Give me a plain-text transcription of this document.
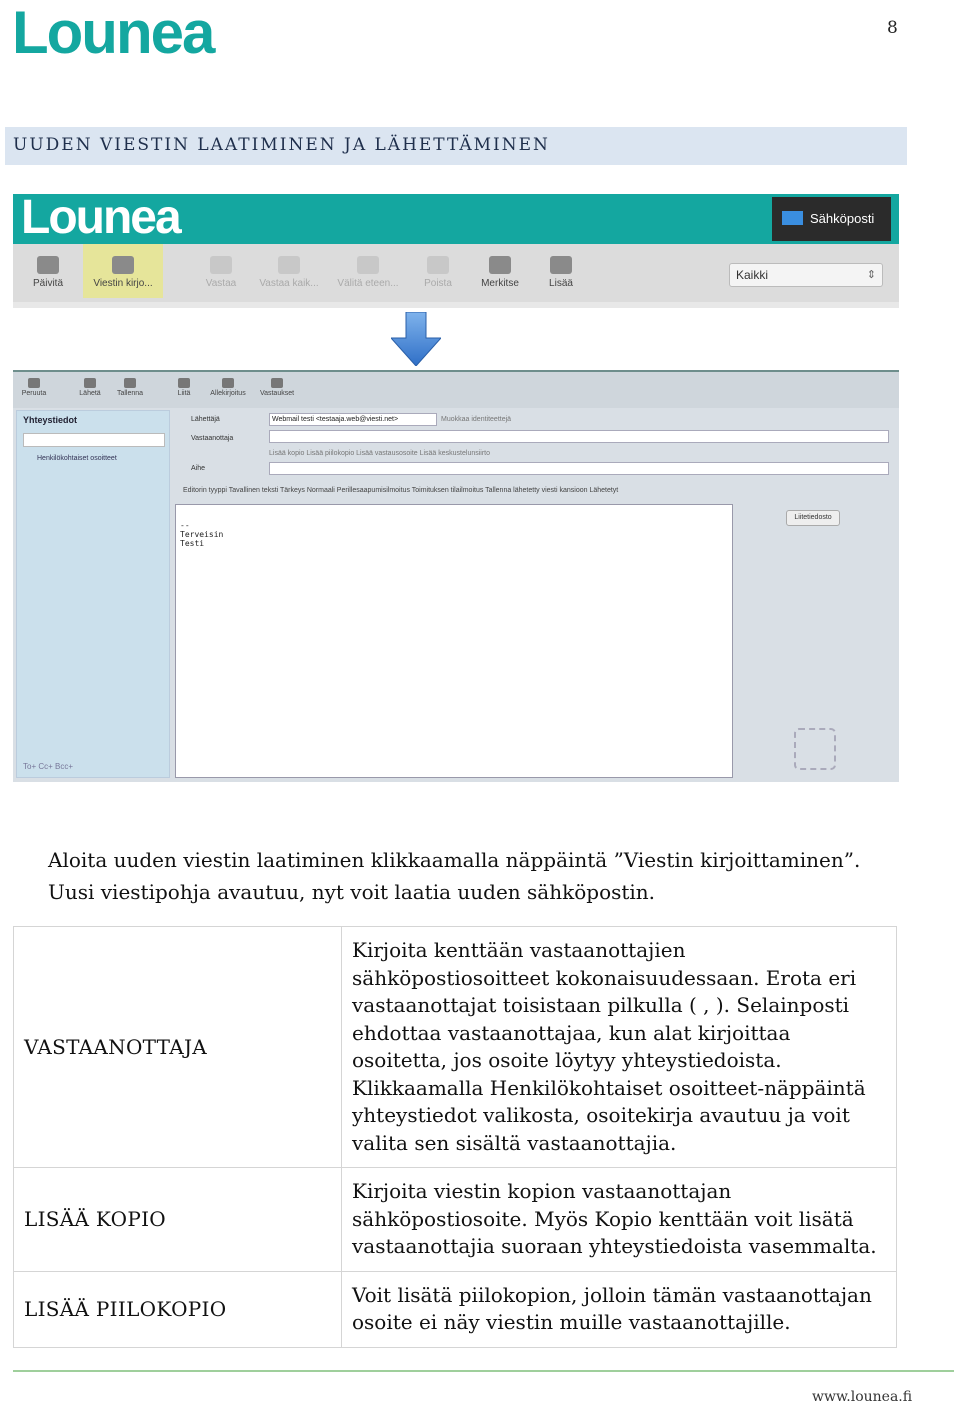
Lounea	8
UUDEN VIESTIN LAATIMINEN JA LÄHETTÄMINEN
Lounea	Sähköposti
Päivitä	Viestin kirjo...	Vastaa	Vastaa kaik...	Välitä eteen...	Poista	Merkitse	Lisää
Kaikki	⇕
Peruuta	Lähetä	Tallenna	Liitä	Allekirjoitus	Vastaukset
Yhteystiedot
Henkilökohtaiset osoitteet
To+ Cc+ Bcc+
Lähettäjä	Webmail testi <testaaja.web@viesti.net>	Muokkaa identiteettejä
Vastaanottaja
Lisää kopio Lisää piilokopio Lisää vastausosoite Lisää keskustelunsiirto
Aihe
Editorin tyyppi Tavallinen teksti Tärkeys Normaali Perillesaapumisilmoitus Toimituksen tilailmoitus Tallenna lähetetty viesti kansioon Lähetetyt
--
Terveisin
Testi
Liitetiedosto
Aloita uuden viestin laatiminen klikkaamalla näppäintä ”Viestin kirjoittaminen”. Uusi viestipohja avautuu, nyt voit laatia uuden sähköpostin.
VASTAANOTTAJA	Kirjoita kenttään vastaanottajien sähköpostiosoitteet kokonaisuudessaan. Erota eri vastaanottajat toisistaan pilkulla ( , ). Selainposti ehdottaa vastaanottajaa, kun alat kirjoittaa osoitetta, jos osoite löytyy yhteystiedoista. Klikkaamalla Henkilökohtaiset osoitteet-näppäintä yhteystiedot valikosta, osoitekirja avautuu ja voit valita sen sisältä vastaanottajia.
LISÄÄ KOPIO	Kirjoita viestin kopion vastaanottajan sähköpostiosoite. Myös Kopio kenttään voit lisätä vastaanottajia suoraan yhteystiedoista vasemmalta.
LISÄÄ PIILOKOPIO	Voit lisätä piilokopion, jolloin tämän vastaanottajan osoite ei näy viestin muille vastaanottajille.
www.lounea.fi
